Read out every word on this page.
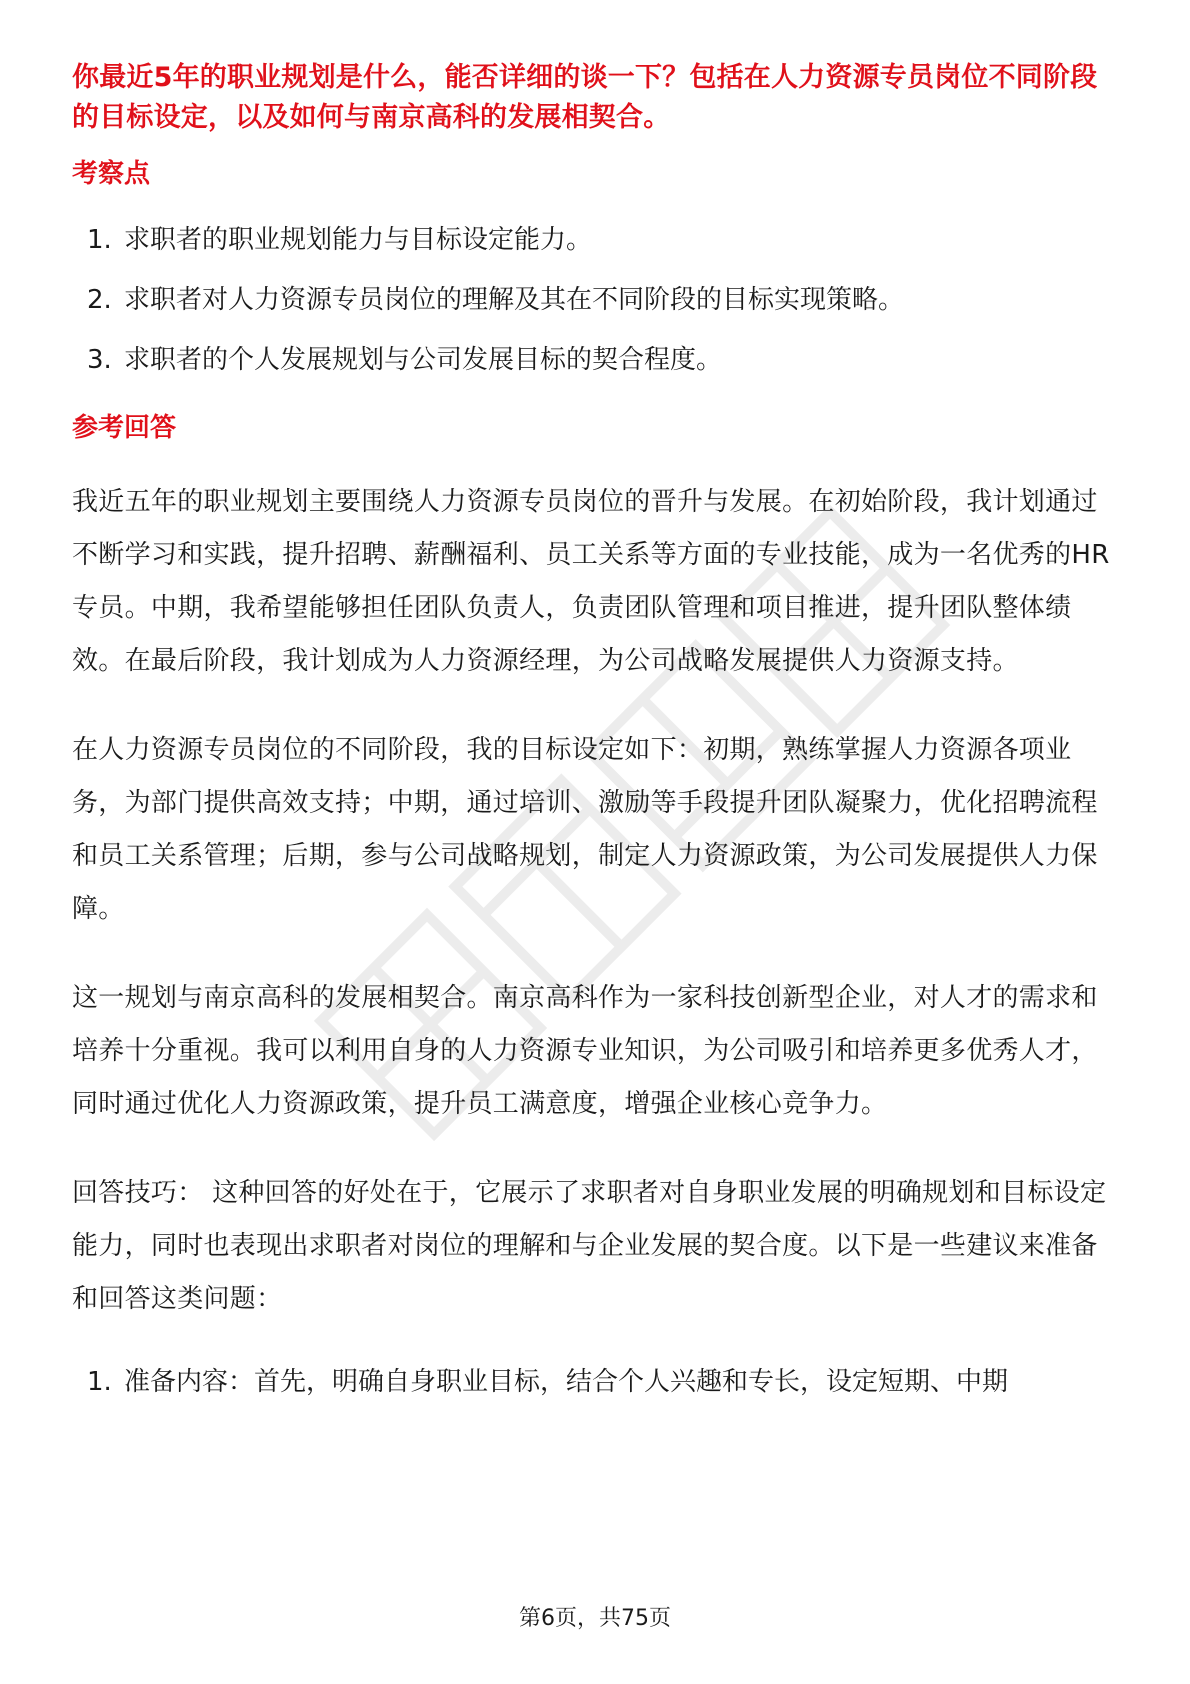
你最近5年的职业规划是什么，能否详细的谈一下？包括在人力资源专员岗位不同阶段的目标设定，以及如何与南京高科的发展相契合。

考察点
1. 求职者的职业规划能力与目标设定能力。
2. 求职者对人力资源专员岗位的理解及其在不同阶段的目标实现策略。
3. 求职者的个人发展规划与公司发展目标的契合程度。
参考回答

我近五年的职业规划主要围绕人力资源专员岗位的晋升与发展。在初始阶段，我计划通过不断学习和实践，提升招聘、薪酬福利、员工关系等方面的专业技能，成为一名优秀的HR专员。中期，我希望能够担任团队负责人，负责团队管理和项目推进，提升团队整体绩效。在最后阶段，我计划成为人力资源经理，为公司战略发展提供人力资源支持。

在人力资源专员岗位的不同阶段，我的目标设定如下：初期，熟练掌握人力资源各项业务，为部门提供高效支持；中期，通过培训、激励等手段提升团队凝聚力，优化招聘流程和员工关系管理；后期，参与公司战略规划，制定人力资源政策，为公司发展提供人力保障。

这一规划与南京高科的发展相契合。南京高科作为一家科技创新型企业，对人才的需求和培养十分重视。我可以利用自身的人力资源专业知识，为公司吸引和培养更多优秀人才，同时通过优化人力资源政策，提升员工满意度，增强企业核心竞争力。

回答技巧： 这种回答的好处在于，它展示了求职者对自身职业发展的明确规划和目标设定能力，同时也表现出求职者对岗位的理解和与企业发展的契合度。以下是一些建议来准备和回答这类问题：

1. 准备内容：首先，明确自身职业目标，结合个人兴趣和专长，设定短期、中期
第6页，共75页
